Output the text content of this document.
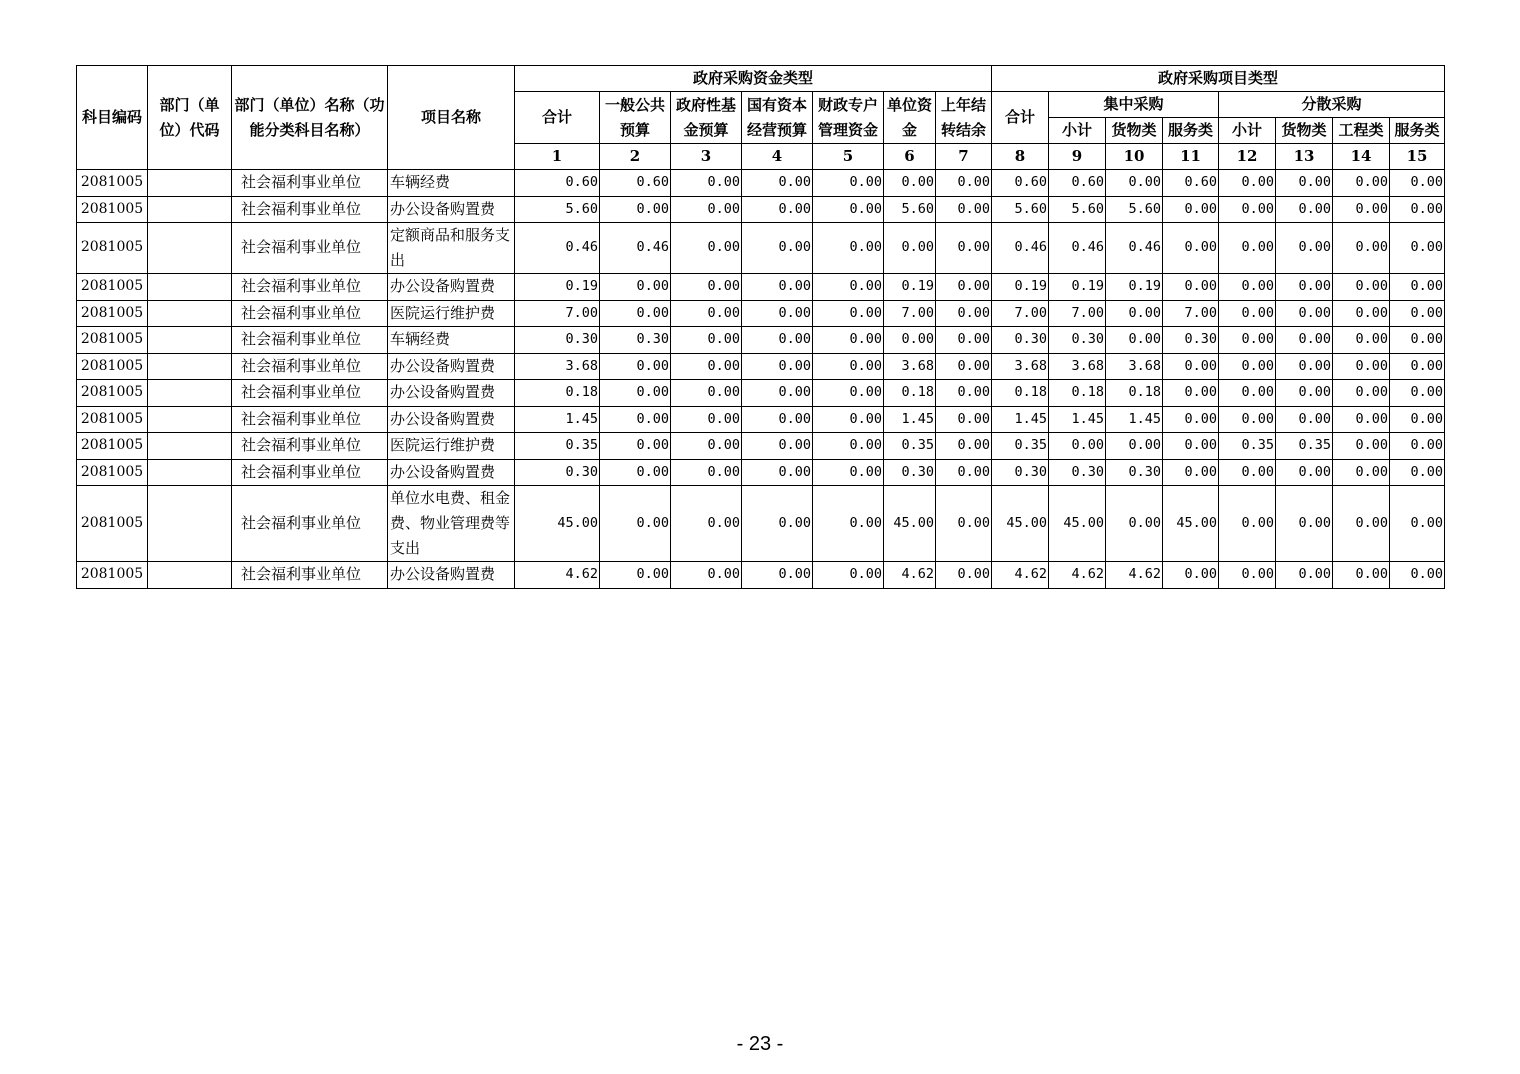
科目编码	部门（单位）代码	部门（单位）名称（功能分类科目名称）	项目名称	政府采购资金类型							政府采购项目类型							
				合计	一般公共预算	政府性基金预算	国有资本经营预算	财政专户管理资金	单位资金	上年结转结余	合计	集中采购			分散采购			
												小计	货物类	服务类	小计	货物类	工程类	服务类
				1	2	3	4	5	6	7	8	9	10	11	12	13	14	15
2081005		社会福利事业单位	车辆经费	0.60	0.60	0.00	0.00	0.00	0.00	0.00	0.60	0.60	0.00	0.60	0.00	0.00	0.00	0.00
2081005		社会福利事业单位	办公设备购置费	5.60	0.00	0.00	0.00	0.00	5.60	0.00	5.60	5.60	5.60	0.00	0.00	0.00	0.00	0.00
2081005		社会福利事业单位	定额商品和服务支出	0.46	0.46	0.00	0.00	0.00	0.00	0.00	0.46	0.46	0.46	0.00	0.00	0.00	0.00	0.00
2081005		社会福利事业单位	办公设备购置费	0.19	0.00	0.00	0.00	0.00	0.19	0.00	0.19	0.19	0.19	0.00	0.00	0.00	0.00	0.00
2081005		社会福利事业单位	医院运行维护费	7.00	0.00	0.00	0.00	0.00	7.00	0.00	7.00	7.00	0.00	7.00	0.00	0.00	0.00	0.00
2081005		社会福利事业单位	车辆经费	0.30	0.30	0.00	0.00	0.00	0.00	0.00	0.30	0.30	0.00	0.30	0.00	0.00	0.00	0.00
2081005		社会福利事业单位	办公设备购置费	3.68	0.00	0.00	0.00	0.00	3.68	0.00	3.68	3.68	3.68	0.00	0.00	0.00	0.00	0.00
2081005		社会福利事业单位	办公设备购置费	0.18	0.00	0.00	0.00	0.00	0.18	0.00	0.18	0.18	0.18	0.00	0.00	0.00	0.00	0.00
2081005		社会福利事业单位	办公设备购置费	1.45	0.00	0.00	0.00	0.00	1.45	0.00	1.45	1.45	1.45	0.00	0.00	0.00	0.00	0.00
2081005		社会福利事业单位	医院运行维护费	0.35	0.00	0.00	0.00	0.00	0.35	0.00	0.35	0.00	0.00	0.00	0.35	0.35	0.00	0.00
2081005		社会福利事业单位	办公设备购置费	0.30	0.00	0.00	0.00	0.00	0.30	0.00	0.30	0.30	0.30	0.00	0.00	0.00	0.00	0.00
2081005		社会福利事业单位	单位水电费、租金费、物业管理费等支出	45.00	0.00	0.00	0.00	0.00	45.00	0.00	45.00	45.00	0.00	45.00	0.00	0.00	0.00	0.00
2081005		社会福利事业单位	办公设备购置费	4.62	0.00	0.00	0.00	0.00	4.62	0.00	4.62	4.62	4.62	0.00	0.00	0.00	0.00	0.00
- 23 -
